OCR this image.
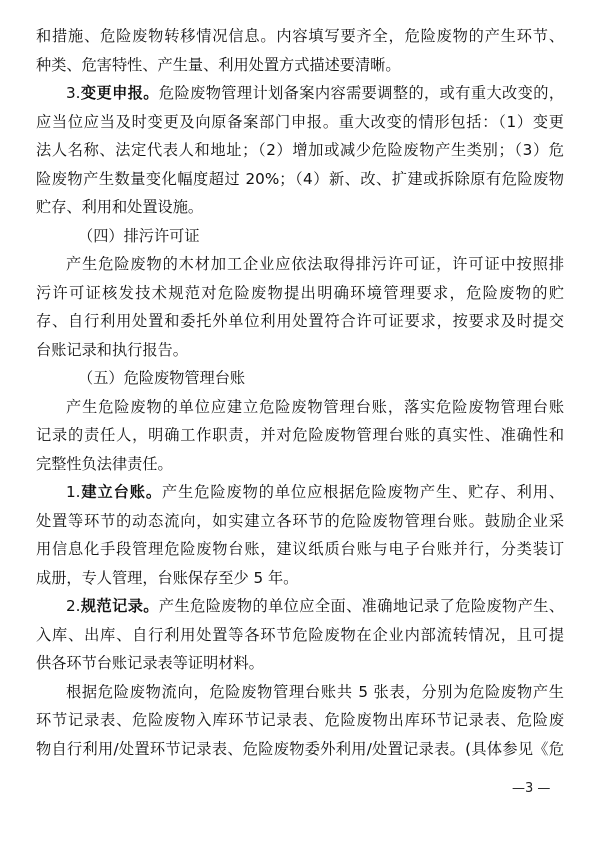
和措施、危险废物转移情况信息。内容填写要齐全，危险废物的产生环节、
种类、危害特性、产生量、利用处置方式描述要清晰。
3.变更申报。危险废物管理计划备案内容需要调整的，或有重大改变的，
应当位应当及时变更及向原备案部门申报。重大改变的情形包括：（1）变更
法人名称、法定代表人和地址；（2）增加或减少危险废物产生类别；（3）危
险废物产生数量变化幅度超过 20%；（4）新、改、扩建或拆除原有危险废物
贮存、利用和处置设施。
（四）排污许可证
产生危险废物的木材加工企业应依法取得排污许可证，许可证中按照排
污许可证核发技术规范对危险废物提出明确环境管理要求，危险废物的贮
存、自行利用处置和委托外单位利用处置符合许可证要求，按要求及时提交
台账记录和执行报告。
（五）危险废物管理台账
产生危险废物的单位应建立危险废物管理台账，落实危险废物管理台账
记录的责任人，明确工作职责，并对危险废物管理台账的真实性、准确性和
完整性负法律责任。
1.建立台账。产生危险废物的单位应根据危险废物产生、贮存、利用、
处置等环节的动态流向，如实建立各环节的危险废物管理台账。鼓励企业采
用信息化手段管理危险废物台账，建议纸质台账与电子台账并行，分类装订
成册，专人管理，台账保存至少 5 年。
2.规范记录。产生危险废物的单位应全面、准确地记录了危险废物产生、
入库、出库、自行利用处置等各环节危险废物在企业内部流转情况，且可提
供各环节台账记录表等证明材料。
根据危险废物流向，危险废物管理台账共 5 张表，分别为危险废物产生
环节记录表、危险废物入库环节记录表、危险废物出库环节记录表、危险废
物自行利用/处置环节记录表、危险废物委外利用/处置记录表。(具体参见《危
—3 —
